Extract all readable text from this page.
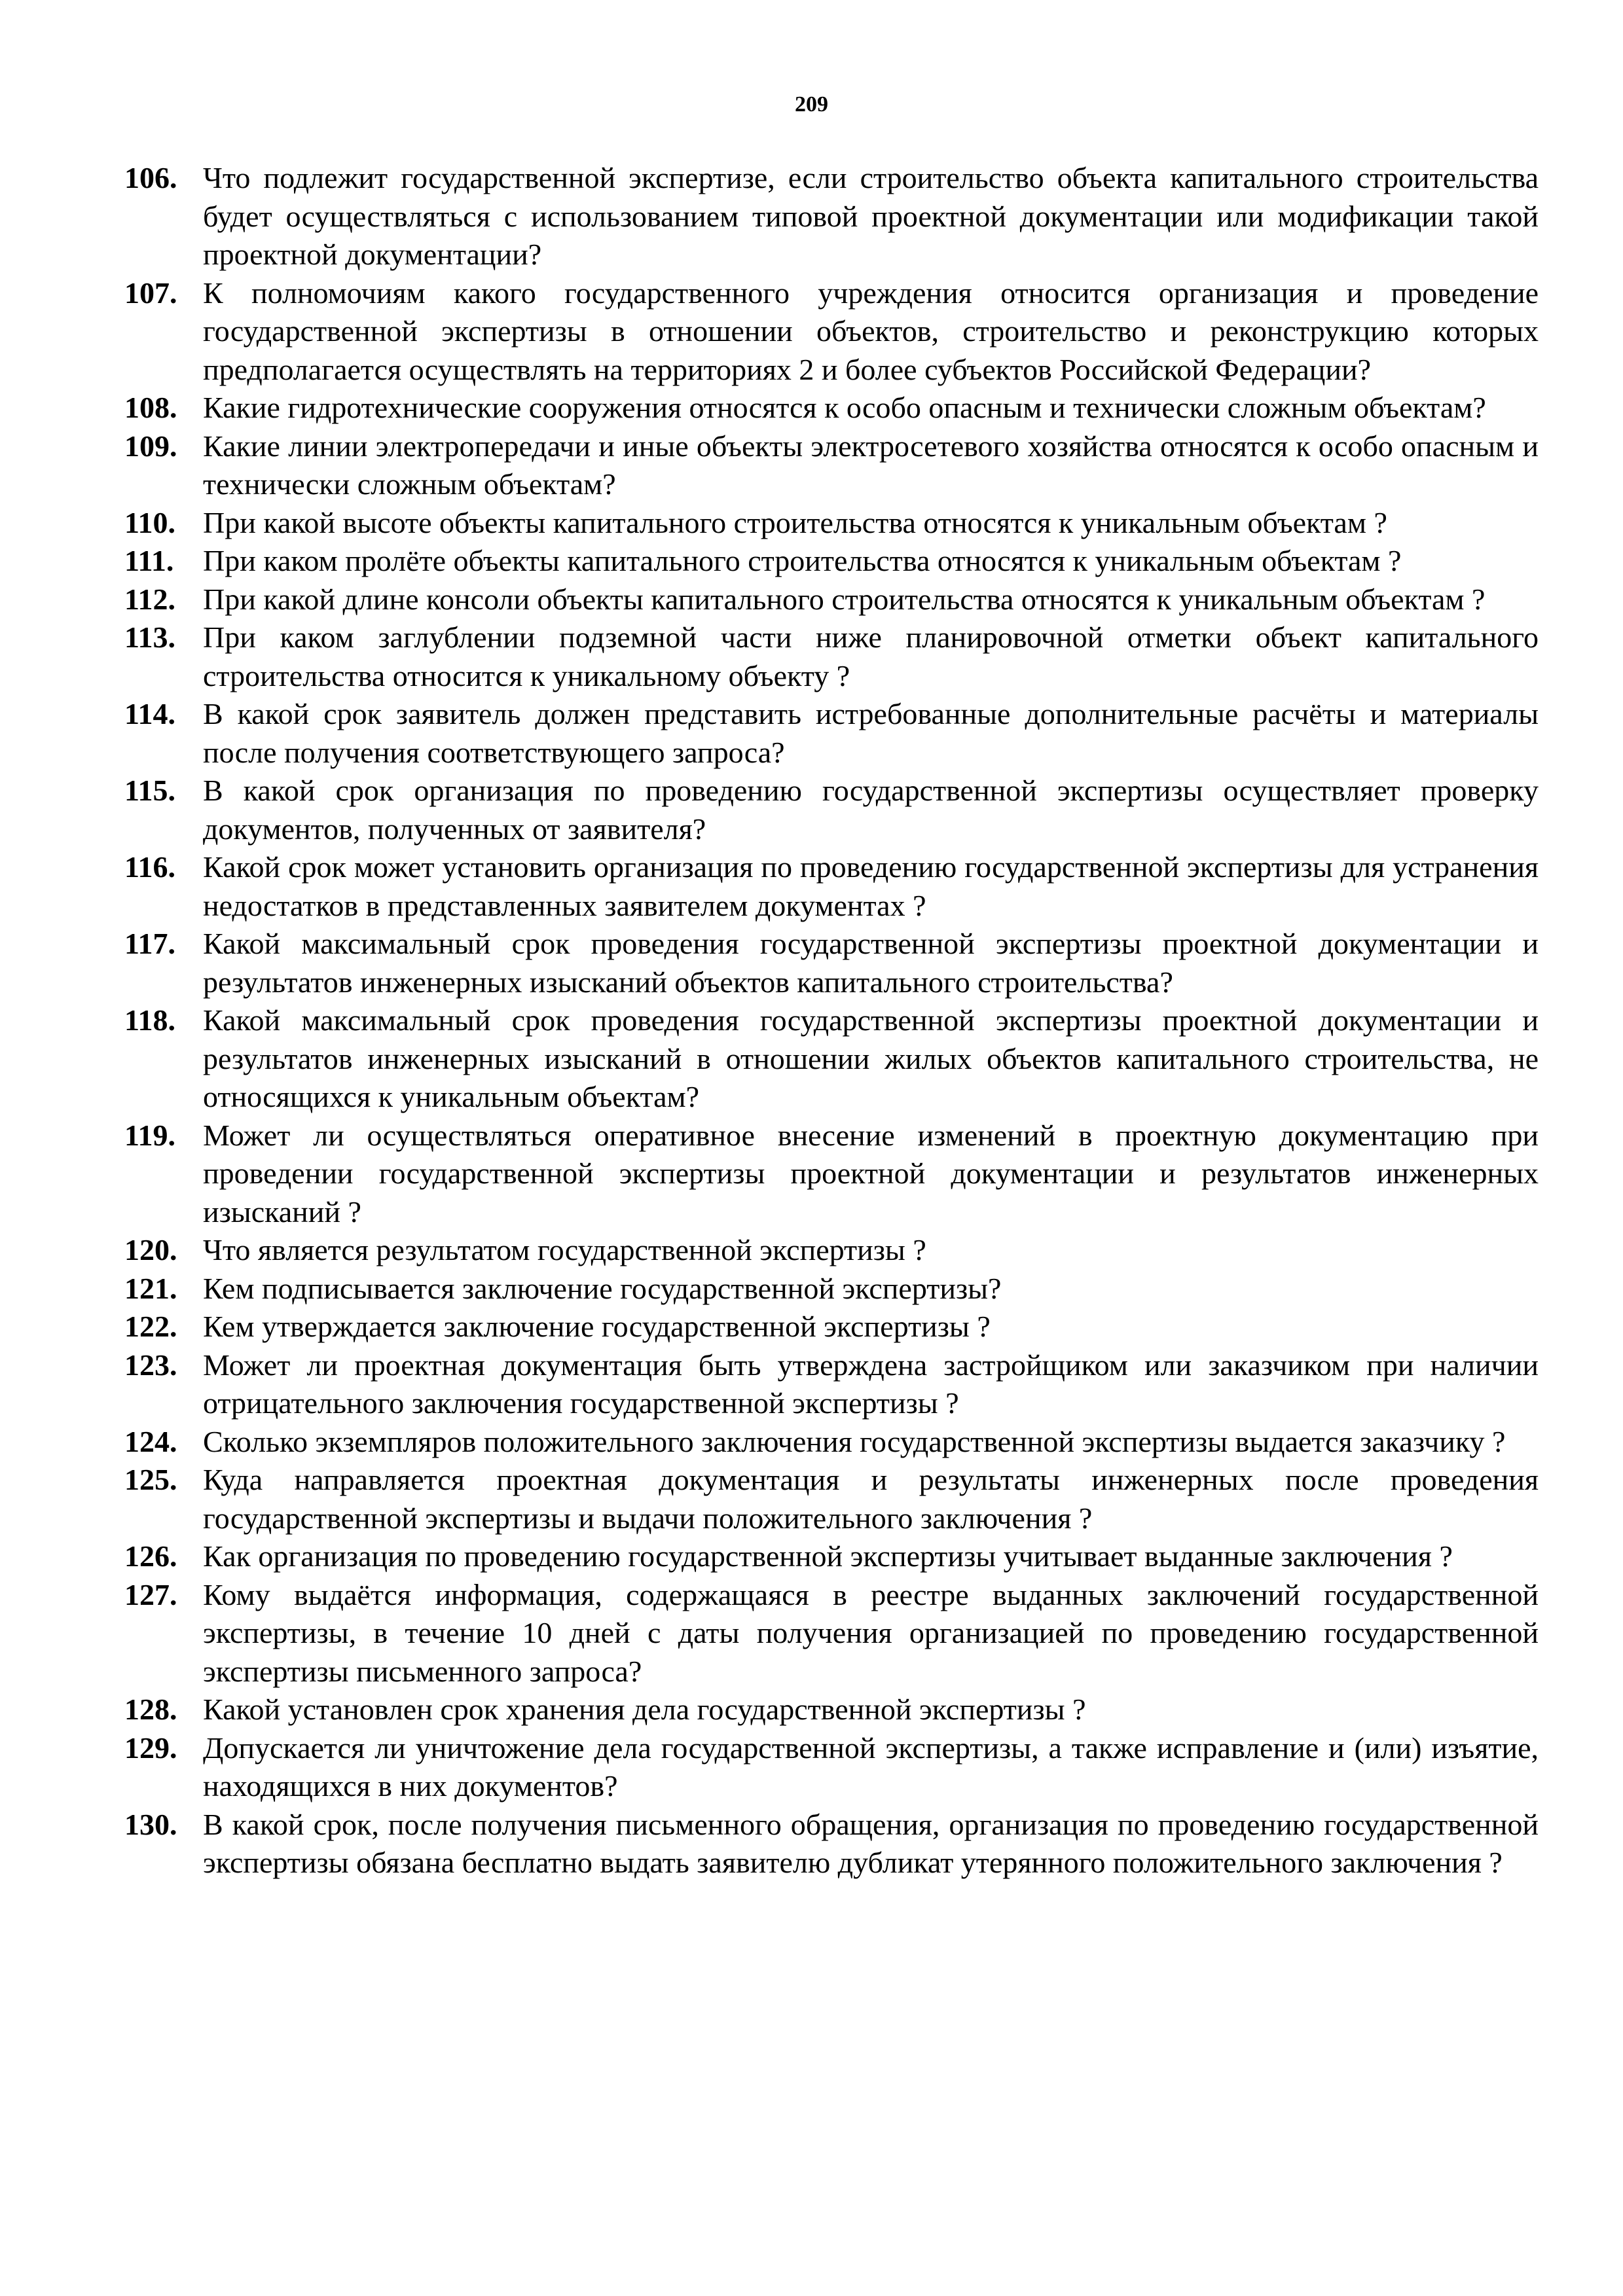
209
106. Что подлежит государственной экспертизе, если строительство объекта капитального строительства будет осуществляться с использованием типовой проектной документации или модификации такой проектной документации?
107. К полномочиям какого государственного учреждения относится организация и проведение государственной экспертизы в отношении объектов, строительство и реконструкцию которых предполагается осуществлять на территориях 2 и более субъектов Российской Федерации?
108. Какие гидротехнические сооружения относятся к особо опасным и технически сложным объектам?
109. Какие линии электропередачи и иные объекты электросетевого хозяйства относятся к особо опасным и технически сложным объектам?
110. При какой высоте объекты капитального строительства относятся к уникальным объектам ?
111. При каком пролёте объекты капитального строительства относятся к уникальным объектам ?
112. При какой длине консоли объекты капитального строительства относятся к уникальным объектам ?
113. При каком заглублении подземной части ниже планировочной отметки объект капитального строительства относится к уникальному объекту ?
114. В какой срок заявитель должен представить истребованные дополнительные расчёты и материалы после получения соответствующего запроса?
115. В какой срок организация по проведению государственной экспертизы осуществляет проверку документов, полученных от заявителя?
116. Какой срок может установить организация по проведению государственной экспертизы для устранения недостатков в представленных заявителем документах ?
117. Какой максимальный срок проведения государственной экспертизы проектной документации и результатов инженерных изысканий объектов капитального строительства?
118. Какой максимальный срок проведения государственной экспертизы проектной документации и результатов инженерных изысканий в отношении жилых объектов капитального строительства, не относящихся к уникальным объектам?
119. Может ли осуществляться оперативное внесение изменений в проектную документацию при проведении государственной экспертизы проектной документации и результатов инженерных изысканий ?
120. Что является результатом государственной экспертизы ?
121. Кем подписывается заключение государственной экспертизы?
122. Кем утверждается заключение государственной экспертизы ?
123. Может ли проектная документация быть утверждена застройщиком или заказчиком при наличии отрицательного заключения государственной экспертизы ?
124. Сколько экземпляров положительного заключения государственной экспертизы выдается заказчику ?
125. Куда направляется проектная документация и результаты инженерных после проведения государственной экспертизы и выдачи положительного заключения ?
126. Как организация по проведению государственной экспертизы учитывает выданные заключения ?
127. Кому выдаётся информация, содержащаяся в реестре выданных заключений государственной экспертизы, в течение 10 дней с даты получения организацией по проведению государственной экспертизы письменного запроса?
128. Какой установлен срок хранения дела государственной экспертизы ?
129. Допускается ли уничтожение дела государственной экспертизы, а также исправление и (или) изъятие, находящихся в них документов?
130. В какой срок, после получения письменного обращения, организация по проведению государственной экспертизы обязана бесплатно выдать заявителю дубликат утерянного положительного заключения ?
